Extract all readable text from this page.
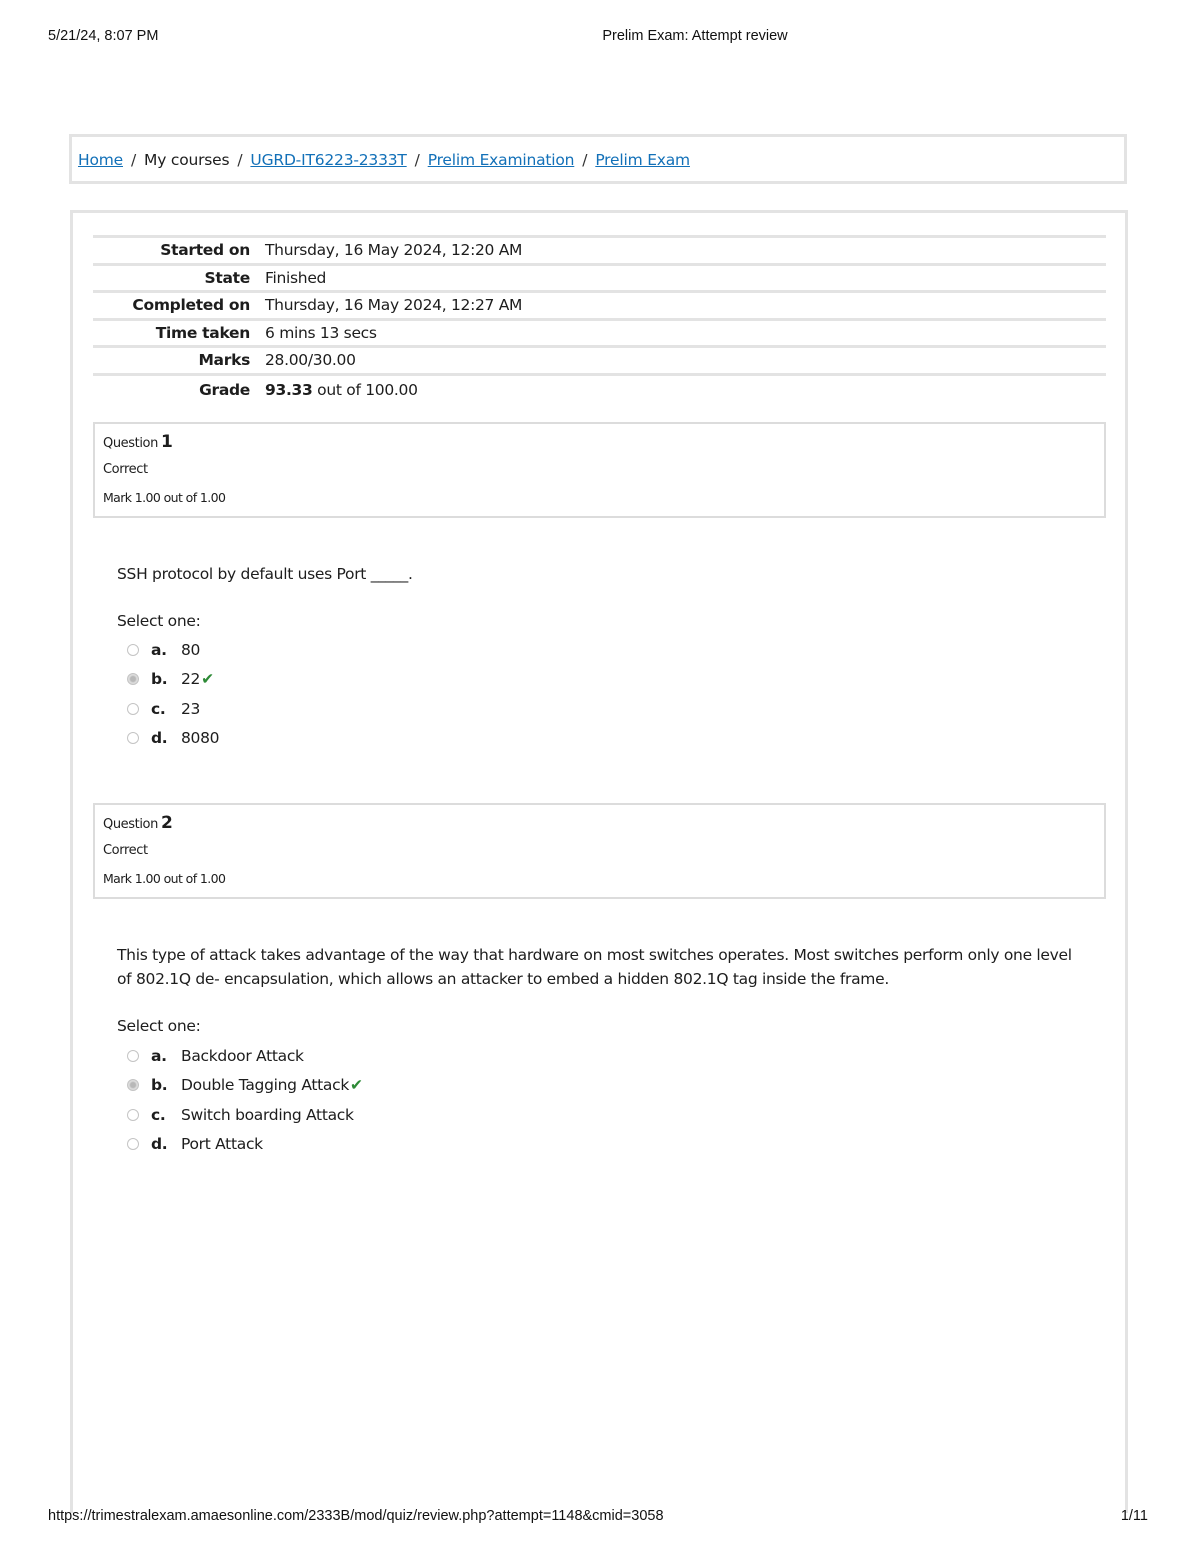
5/21/24, 8:07 PM	Prelim Exam: Attempt review
Home / My courses / UGRD-IT6223-2333T / Prelim Examination / Prelim Exam
Started on	Thursday, 16 May 2024, 12:20 AM
State	Finished
Completed on	Thursday, 16 May 2024, 12:27 AM
Time taken	6 mins 13 secs
Marks	28.00/30.00
Grade	93.33 out of 100.00
Question 1
Correct
Mark 1.00 out of 1.00
SSH protocol by default uses Port _____.
Select one:
a. 80
b. 22✔
c. 23
d. 8080
Question 2
Correct
Mark 1.00 out of 1.00
This type of attack takes advantage of the way that hardware on most switches operates. Most switches perform only one level of 802.1Q de- encapsulation, which allows an attacker to embed a hidden 802.1Q tag inside the frame.
Select one:
a. Backdoor Attack
b. Double Tagging Attack✔
c. Switch boarding Attack
d. Port Attack
https://trimestralexam.amaesonline.com/2333B/mod/quiz/review.php?attempt=1148&cmid=3058	1/11
